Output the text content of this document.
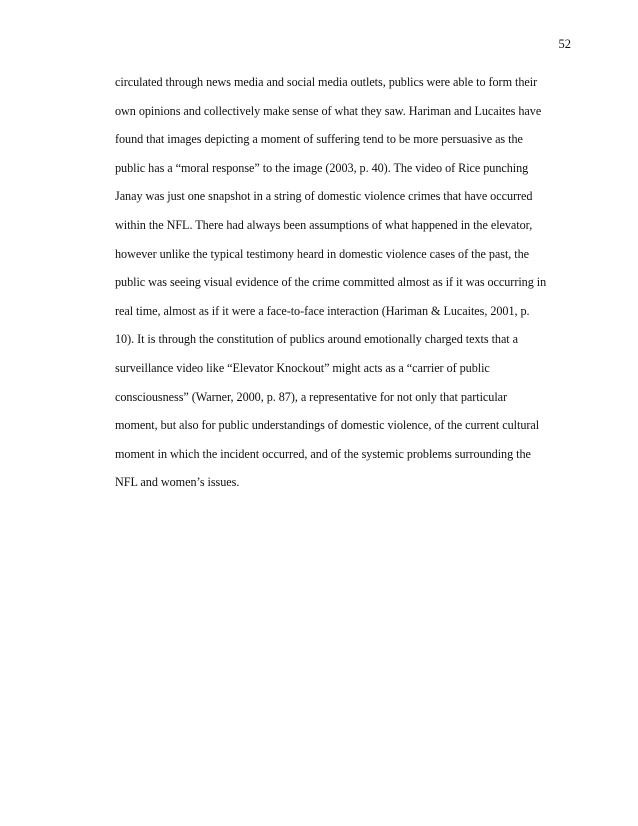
52
circulated through news media and social media outlets, publics were able to form their
own opinions and collectively make sense of what they saw. Hariman and Lucaites have
found that images depicting a moment of suffering tend to be more persuasive as the
public has a “moral response” to the image (2003, p. 40). The video of Rice punching
Janay was just one snapshot in a string of domestic violence crimes that have occurred
within the NFL. There had always been assumptions of what happened in the elevator,
however unlike the typical testimony heard in domestic violence cases of the past, the
public was seeing visual evidence of the crime committed almost as if it was occurring in
real time, almost as if it were a face-to-face interaction (Hariman & Lucaites, 2001, p.
10). It is through the constitution of publics around emotionally charged texts that a
surveillance video like “Elevator Knockout” might acts as a “carrier of public
consciousness” (Warner, 2000, p. 87), a representative for not only that particular
moment, but also for public understandings of domestic violence, of the current cultural
moment in which the incident occurred, and of the systemic problems surrounding the
NFL and women’s issues.
